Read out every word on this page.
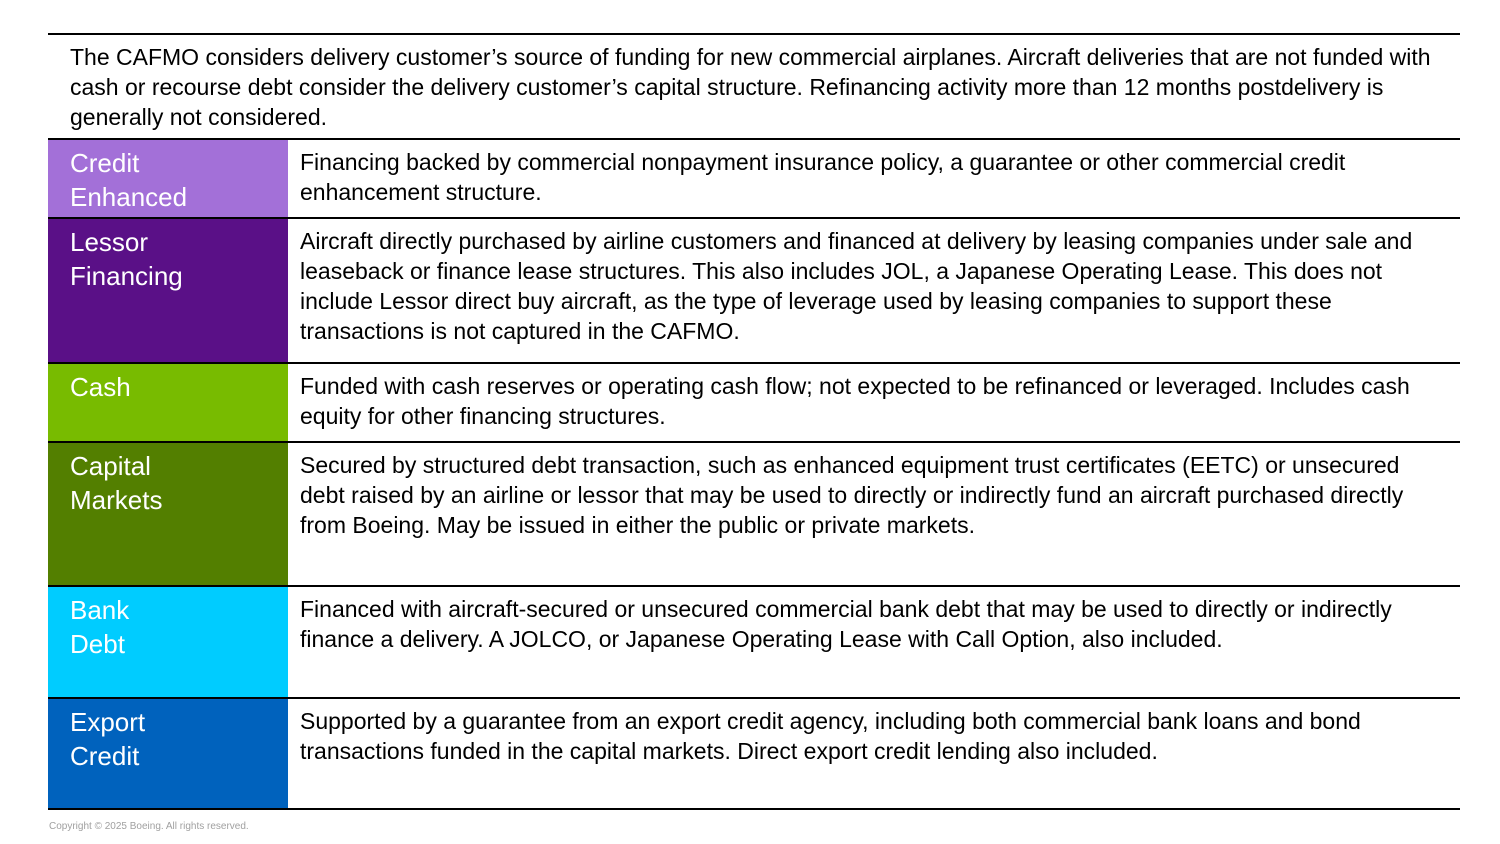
The CAFMO considers delivery customer’s source of funding for new commercial airplanes. Aircraft deliveries that are not funded with cash or recourse debt consider the delivery customer’s capital structure. Refinancing activity more than 12 months postdelivery is generally not considered.
Credit
Enhanced
Financing backed by commercial nonpayment insurance policy, a guarantee or other commercial credit enhancement structure.
Lessor
Financing
Aircraft directly purchased by airline customers and financed at delivery by leasing companies under sale and leaseback or finance lease structures. This also includes JOL, a Japanese Operating Lease. This does not include Lessor direct buy aircraft, as the type of leverage used by leasing companies to support these transactions is not captured in the CAFMO.
Cash	Funded with cash reserves or operating cash flow; not expected to be refinanced or leveraged. Includes cash equity for other financing structures.
Capital
Markets
Secured by structured debt transaction, such as enhanced equipment trust certificates (EETC) or unsecured debt raised by an airline or lessor that may be used to directly or indirectly fund an aircraft purchased directly from Boeing. May be issued in either the public or private markets.
Bank
Debt
Financed with aircraft-secured or unsecured commercial bank debt that may be used to directly or indirectly finance a delivery. A JOLCO, or Japanese Operating Lease with Call Option, also included.
Export
Credit
Supported by a guarantee from an export credit agency, including both commercial bank loans and bond transactions funded in the capital markets. Direct export credit lending also included.
Copyright © 2025 Boeing. All rights reserved.
